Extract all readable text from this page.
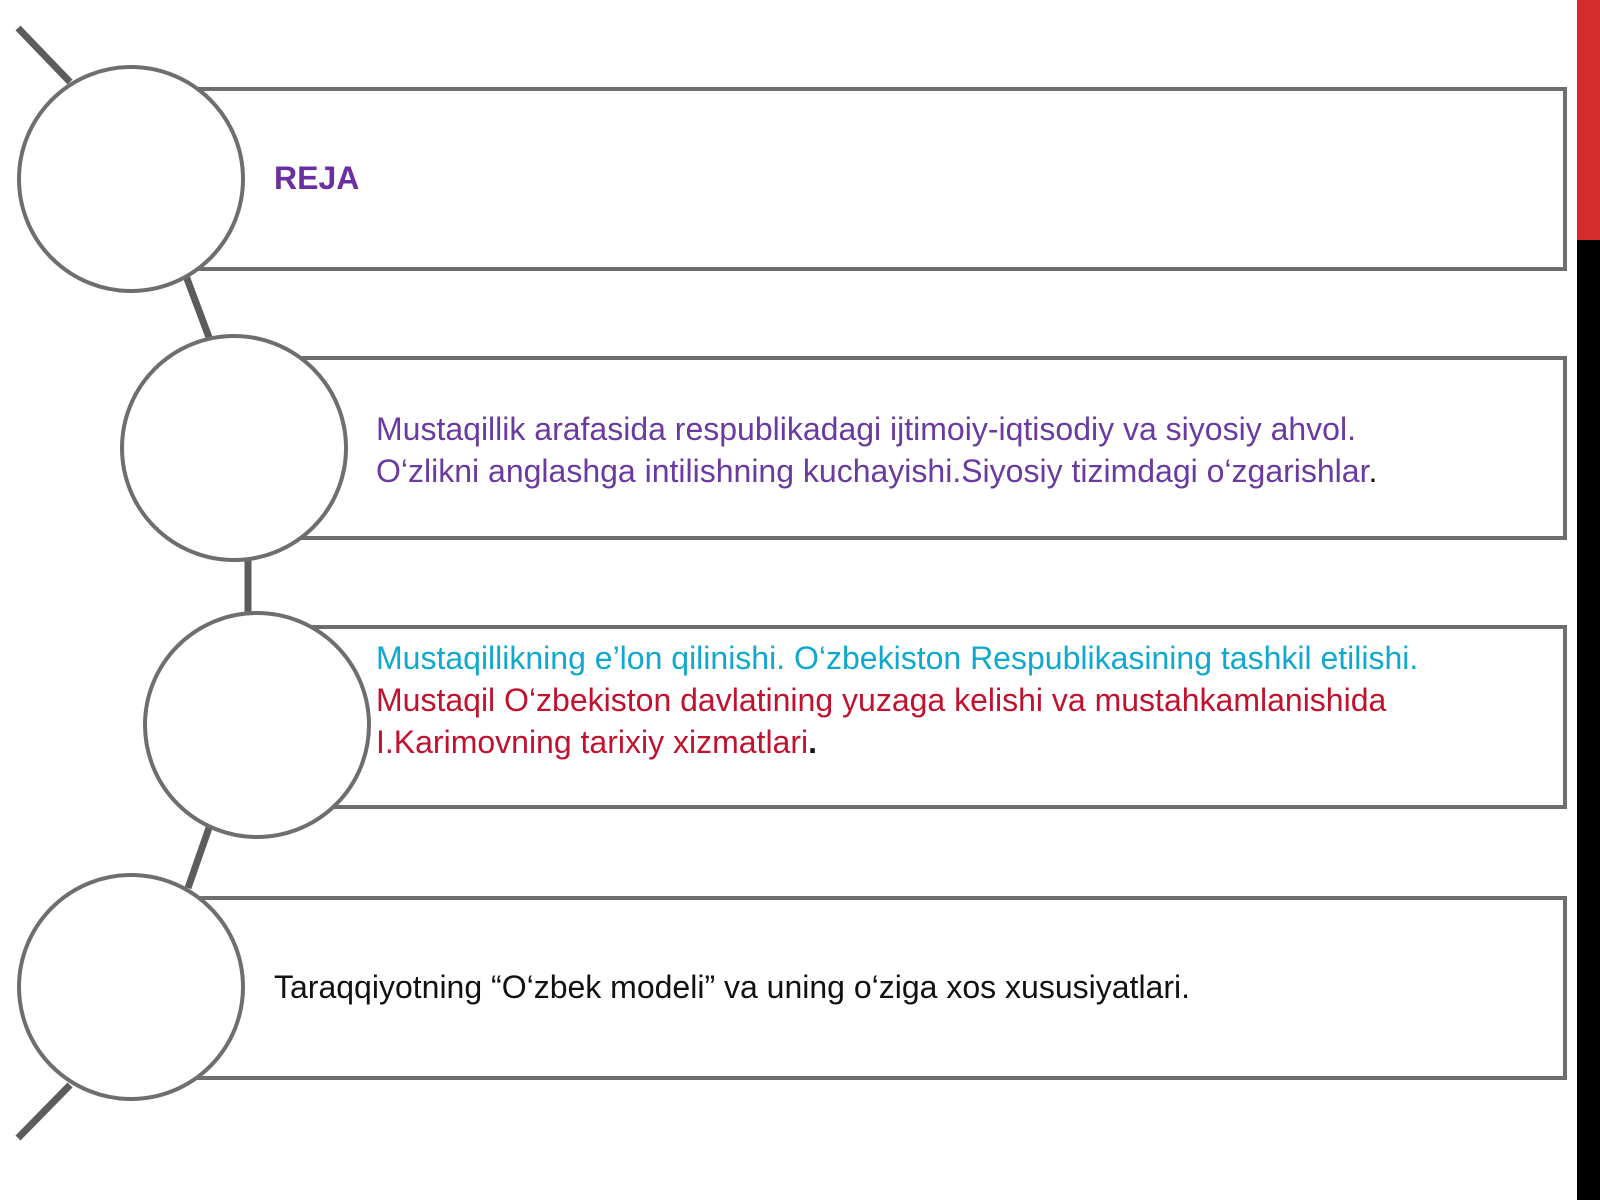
REJA
Mustaqillik arafasida respublikadagi ijtimoiy-iqtisodiy va siyosiy ahvol.
O‘zlikni anglashga intilishning kuchayishi.Siyosiy tizimdagi o‘zgarishlar.
Mustaqillikning e’lon qilinishi. O‘zbekiston Respublikasining tashkil etilishi.
Mustaqil O‘zbekiston davlatining yuzaga kelishi va mustahkamlanishida
I.Karimovning tarixiy xizmatlari.
Taraqqiyotning “O‘zbek modeli” va uning o‘ziga xos xususiyatlari.
